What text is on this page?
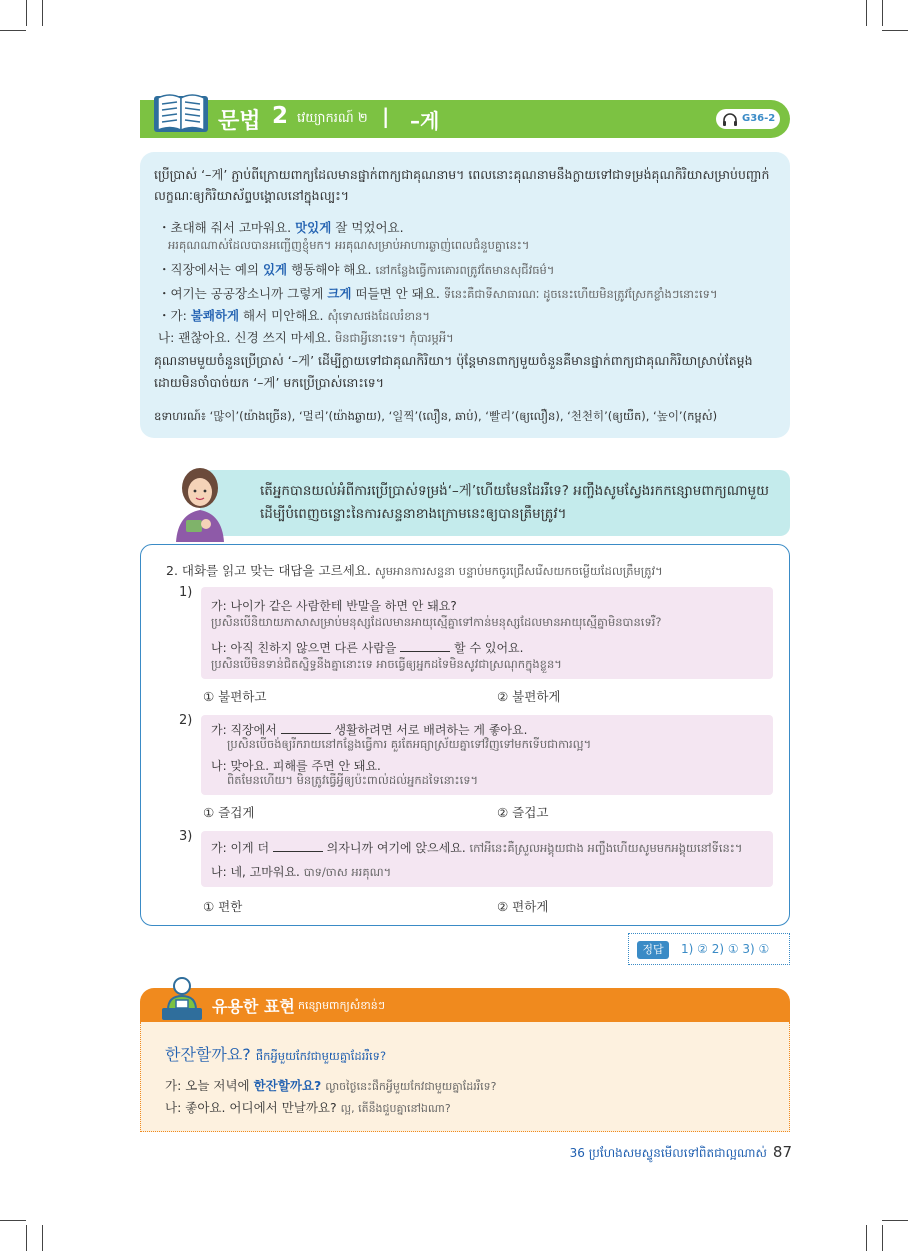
문법 2 វេយ្យាករណ៍ ២ | –게	G36-2
ប្រើប្រាស់ ‘–게’ ភ្ជាប់ពីក្រោយពាក្យដែលមានផ្នាក់ពាក្យជាគុណនាម។ ពេលនោះគុណនាមនឹងក្លាយទៅជាទម្រង់គុណកិរិយាសម្រាប់បញ្ជាក់លក្ខណៈឲ្យកិរិយាស័ព្ទបង្គោលនៅក្នុងល្បះ។
・초대해 줘서 고마워요. 맛있게 잘 먹었어요.
អរគុណណាស់ដែលបានអញ្ជើញខ្ញុំមក។ អរគុណសម្រាប់អាហារឆ្ងាញ់ពេលជំនួបគ្នានេះ។
・직장에서는 예의 있게 행동해야 해요. នៅកន្លែងធ្វើការគោរពត្រូវតែមានសុជីវធម៌។
・여기는 공공장소니까 그렇게 크게 떠들면 안 돼요. ទីនេះគឺជាទីសាធារណៈ ដូចនេះហើយមិនត្រូវស្រែកខ្លាំងៗនោះទេ។
・가: 불쾌하게 해서 미안해요. សុំទោសផងដែលរំខាន។
나: 괜찮아요. 신경 쓰지 마세요. មិនជាអ្វីនោះទេ។ កុំបារម្ភអី។
គុណនាមមួយចំនួនប្រើប្រាស់ ‘–게’ ដើម្បីក្លាយទៅជាគុណកិរិយា។ ប៉ុន្តែមានពាក្យមួយចំនួនគឺមានផ្នាក់ពាក្យជាគុណកិរិយាស្រាប់តែម្តង ដោយមិនចាំបាច់យក ‘–게’ មកប្រើប្រាស់នោះទេ។
ឧទាហរណ៍៖ ‘많이’(យ៉ាងច្រើន), ‘멀리’(យ៉ាងឆ្ងាយ), ‘일찍’(លឿន, ឆាប់), ‘빨리’(ឲ្យលឿន), ‘천천히’(ឲ្យយឺត), ‘높이’(កម្ពស់)
តើអ្នកបានយល់អំពីការប្រើប្រាស់ទម្រង់‘–게’ហើយមែនដែររឺទេ? អញ្ចឹងសូមស្វែងរកកន្សោមពាក្យណាមួយដើម្បីបំពេញចន្លោះនៃការសន្ទនាខាងក្រោមនេះឲ្យបានត្រឹមត្រូវ។
2. 대화를 읽고 맞는 대답을 고르세요. សូមអានការសន្ទនា បន្ទាប់មកចូរជ្រើសរើសយកចម្លើយដែលត្រឹមត្រូវ។
1)
가: 나이가 같은 사람한테 반말을 하면 안 돼요?
ប្រសិនបើនិយាយភាសាសម្រាប់មនុស្សដែលមានអាយុស្មើគ្នាទៅកាន់មនុស្សដែលមានអាយុស្មើគ្នាមិនបានទេរឺ?
나: 아직 친하지 않으면 다른 사람을	할 수 있어요.
ប្រសិនបើមិនទាន់ជិតស្និទ្ធនឹងគ្នានោះទេ អាចធ្វើឲ្យអ្នកដទៃមិនសូវជាស្រណុកក្នុងខ្លួន។
① 불편하고	② 불편하게
2)
가: 직장에서	생활하려면 서로 배려하는 게 좋아요.
ប្រសិនបើចង់ឲ្យរីករាយនៅកន្លែងធ្វើការ គួរតែអធ្យាស្រ័យគ្នាទៅវិញទៅមកទើបជាការល្អ។
나: 맞아요. 피해를 주면 안 돼요.
ពិតមែនហើយ។ មិនត្រូវធ្វើអ្វីឲ្យប៉ះពាល់ដល់អ្នកដទៃនោះទេ។
① 즐겁게	② 즐겁고
3)
가: 이게 더	의자니까 여기에 앉으세요. កៅអីនេះគឺស្រួលអង្គុយជាង អញ្ចឹងហើយសូមមកអង្គុយនៅទីនេះ។
나: 네, 고마워요. បាទ/ចាស អរគុណ។
① 편한	② 편하게
정답	1) ② 2) ① 3) ①
유용한 표현 កន្សោមពាក្យសំខាន់ៗ
한잔할까요? ផឹកអ្វីមួយកែវជាមួយគ្នាដែររឺទេ?
가: 오늘 저녁에 한잔할까요? ល្ងាចថ្ងៃនេះផឹកអ្វីមួយកែវជាមួយគ្នាដែររឺទេ?
나: 좋아요. 어디에서 만날까요? ល្អ, តើនឹងជួបគ្នានៅឯណា?
36 ប្រហែងសមស្ទូនមើលទៅពិតជាល្អណាស់ 87
